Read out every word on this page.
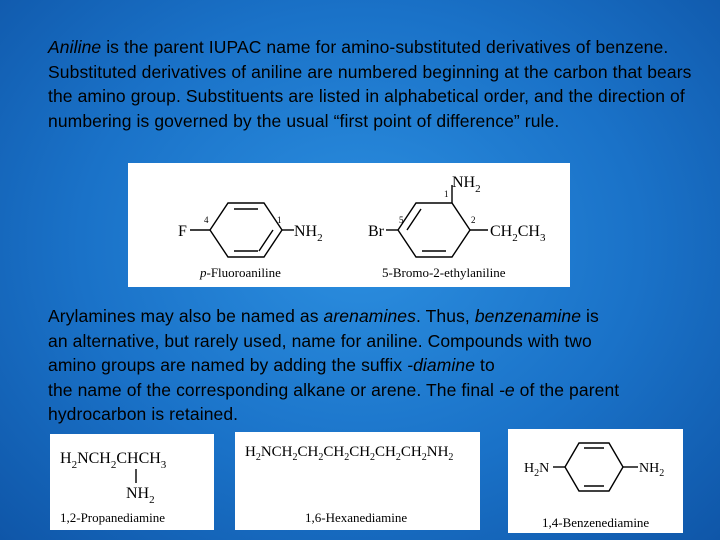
Aniline is the parent IUPAC name for amino-substituted derivatives of benzene. Substituted derivatives of aniline are numbered beginning at the carbon that bears the amino group. Substituents are listed in alphabetical order, and the direction of numbering is governed by the usual “first point of difference” rule.

F
4	1
$NH_2$
p-Fluoroaniline
$NH_2$
1
Br
5	2
$CH_2CH_3$
5-Bromo-2-ethylaniline

Arylamines may also be named as arenamines. Thus, benzenamine is
an alternative, but rarely used, name for aniline. Compounds with two
amino groups are named by adding the suffix -diamine to
the name of the corresponding alkane or arene. The final -e of the parent
hydrocarbon is retained.

$H_2NCH_2CHCH_3$
$NH_2$
1,2-Propanediamine
$H_2NCH_2CH_2CH_2CH_2CH_2CH_2NH_2$
1,6-Hexanediamine
$H_2N$	$NH_2$
1,4-Benzenediamine
